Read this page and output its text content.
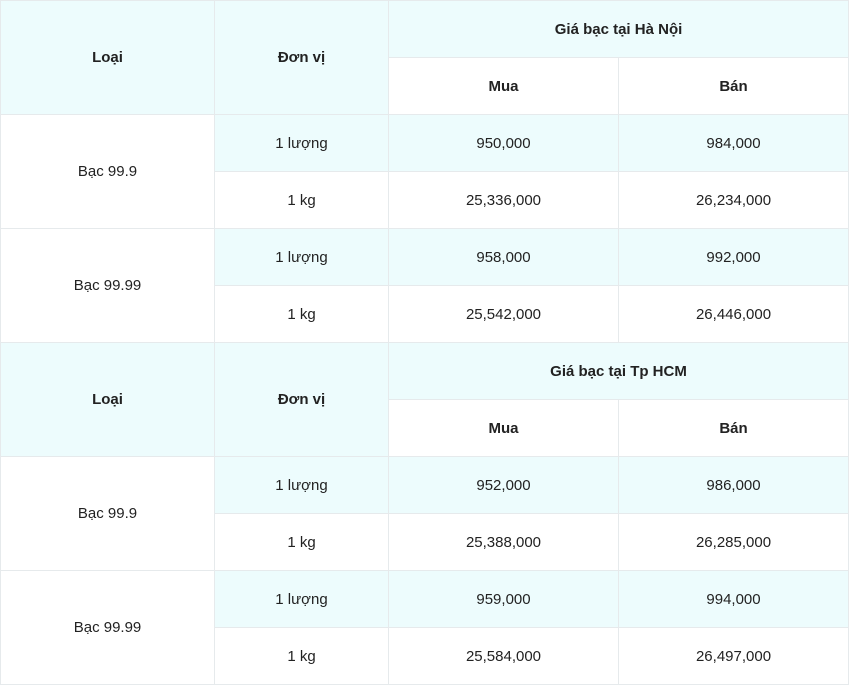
Loại	Đơn vị	Giá bạc tại Hà Nội	
		Mua	Bán
Bạc 99.9	1 lượng	950,000	984,000
	1 kg	25,336,000	26,234,000
Bạc 99.99	1 lượng	958,000	992,000
	1 kg	25,542,000	26,446,000
Loại	Đơn vị	Giá bạc tại Tp HCM	
		Mua	Bán
Bạc 99.9	1 lượng	952,000	986,000
	1 kg	25,388,000	26,285,000
Bạc 99.99	1 lượng	959,000	994,000
	1 kg	25,584,000	26,497,000
